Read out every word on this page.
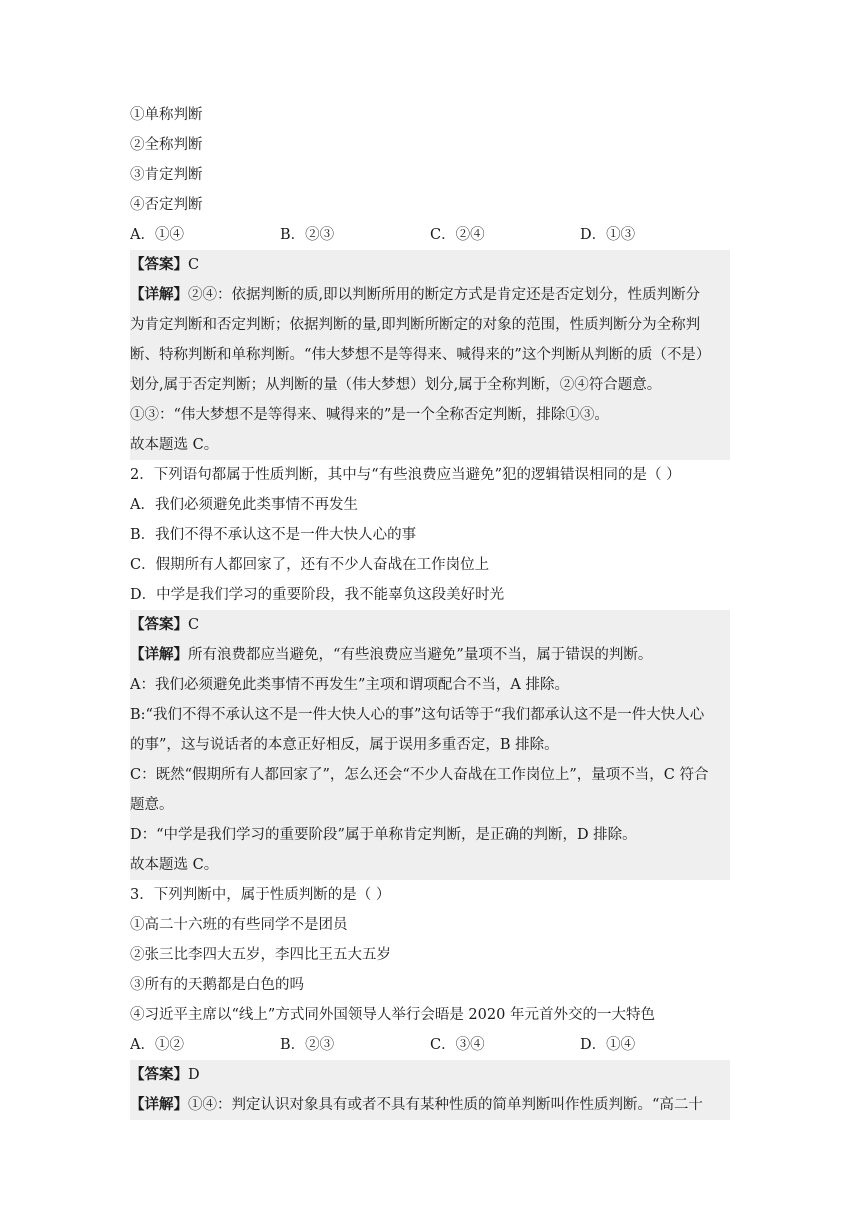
①单称判断
②全称判断
③肯定判断
④否定判断
A．①④	B．②③	C．②④	D．①③
【答案】C
【详解】②④：依据判断的质,即以判断所用的断定方式是肯定还是否定划分，性质判断分
为肯定判断和否定判断；依据判断的量,即判断所断定的对象的范围，性质判断分为全称判
断、特称判断和单称判断。“伟大梦想不是等得来、喊得来的”这个判断从判断的质（不是）
划分,属于否定判断；从判断的量（伟大梦想）划分,属于全称判断，②④符合题意。
①③：“伟大梦想不是等得来、喊得来的”是一个全称否定判断，排除①③。
故本题选 C。
2．下列语句都属于性质判断，其中与“有些浪费应当避免”犯的逻辑错误相同的是（ ）
A．我们必须避免此类事情不再发生
B．我们不得不承认这不是一件大快人心的事
C．假期所有人都回家了，还有不少人奋战在工作岗位上
D．中学是我们学习的重要阶段，我不能辜负这段美好时光
【答案】C
【详解】所有浪费都应当避免，“有些浪费应当避免”量项不当，属于错误的判断。
A：我们必须避免此类事情不再发生”主项和谓项配合不当，A 排除。
B:“我们不得不承认这不是一件大快人心的事”这句话等于“我们都承认这不是一件大快人心
的事”，这与说话者的本意正好相反，属于误用多重否定，B 排除。
C：既然“假期所有人都回家了”，怎么还会“不少人奋战在工作岗位上”，量项不当，C 符合
题意。
D：“中学是我们学习的重要阶段”属于单称肯定判断，是正确的判断，D 排除。
故本题选 C。
3．下列判断中，属于性质判断的是（ ）
①高二十六班的有些同学不是团员
②张三比李四大五岁，李四比王五大五岁
③所有的天鹅都是白色的吗
④习近平主席以“线上”方式同外国领导人举行会晤是 2020 年元首外交的一大特色
A．①②	B．②③	C．③④	D．①④
【答案】D
【详解】①④：判定认识对象具有或者不具有某种性质的简单判断叫作性质判断。“高二十
